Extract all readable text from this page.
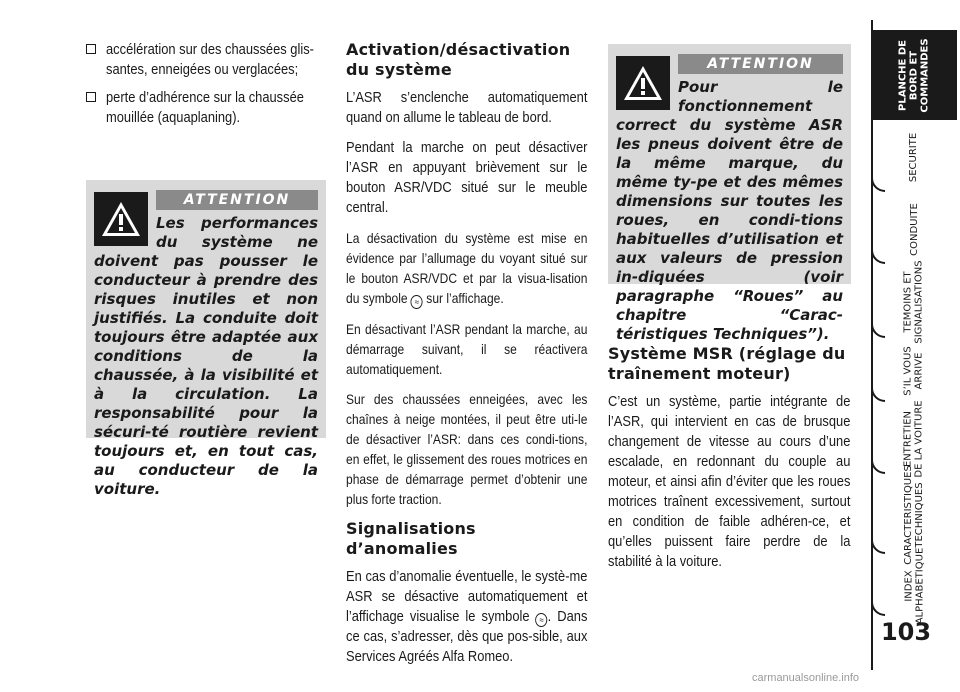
accélération sur des chaussées glis-santes, enneigées ou verglacées;
perte d’adhérence sur la chaussée mouillée (aquaplaning).
ATTENTION
Les performances du système ne doivent pas pousser le conducteur à prendre des risques inutiles et non justifiés. La conduite doit toujours être adaptée aux conditions de la chaussée, à la visibilité et à la circulation. La responsabilité pour la sécuri-té routière revient toujours et, en tout cas, au conducteur de la voiture.
Activation/désactivation
du système

L’ASR s’enclenche automatiquement quand on allume le tableau de bord.

Pendant la marche on peut désactiver l’ASR en appuyant brièvement sur le bouton ASR/VDC situé sur le meuble central.

La désactivation du système est mise en évidence par l’allumage du voyant situé sur le bouton ASR/VDC et par la visua-lisation du symbole ≈ sur l’affichage.

En désactivant l’ASR pendant la marche, au démarrage suivant, il se réactivera automatiquement.

Sur des chaussées enneigées, avec les chaînes à neige montées, il peut être uti-le de désactiver l’ASR: dans ces condi-tions, en effet, le glissement des roues motrices en phase de démarrage permet d’obtenir une plus forte traction.

Signalisations d’anomalies

En cas d’anomalie éventuelle, le systè-me ASR se désactive automatiquement et l’affichage visualise le symbole ≈ . Dans ce cas, s’adresser, dès que pos-sible, aux Services Agréés Alfa Romeo.

ATTENTION
Pour le fonctionnement correct du système ASR les pneus doivent être de la même marque, du même ty-pe et des mêmes dimensions sur toutes les roues, en condi-tions habituelles d’utilisation et aux valeurs de pression in-diquées (voir paragraphe “Roues” au chapitre “Carac-téristiques Techniques”).
Système MSR (réglage du
traînement moteur)

C’est un système, partie intégrante de l’ASR, qui intervient en cas de brusque changement de vitesse au cours d’une escalade, en redonnant du couple au moteur, et ainsi afin d’éviter que les roues motrices traînent excessivement, surtout en condition de faible adhéren-ce, et qu’elles puissent faire perdre de la stabilité à la voiture.

PLANCHE DE
BORD ET
COMMANDES
SECURITE
CONDUITE
TEMOINS ET
SIGNALISATIONS
S’IL VOUS
ARRIVE
ENTRETIEN
DE LA VOITURE
CARACTERISTIQUES
TECHNIQUES
INDEX
ALPHABETIQUE
103
carmanualsonline.info
